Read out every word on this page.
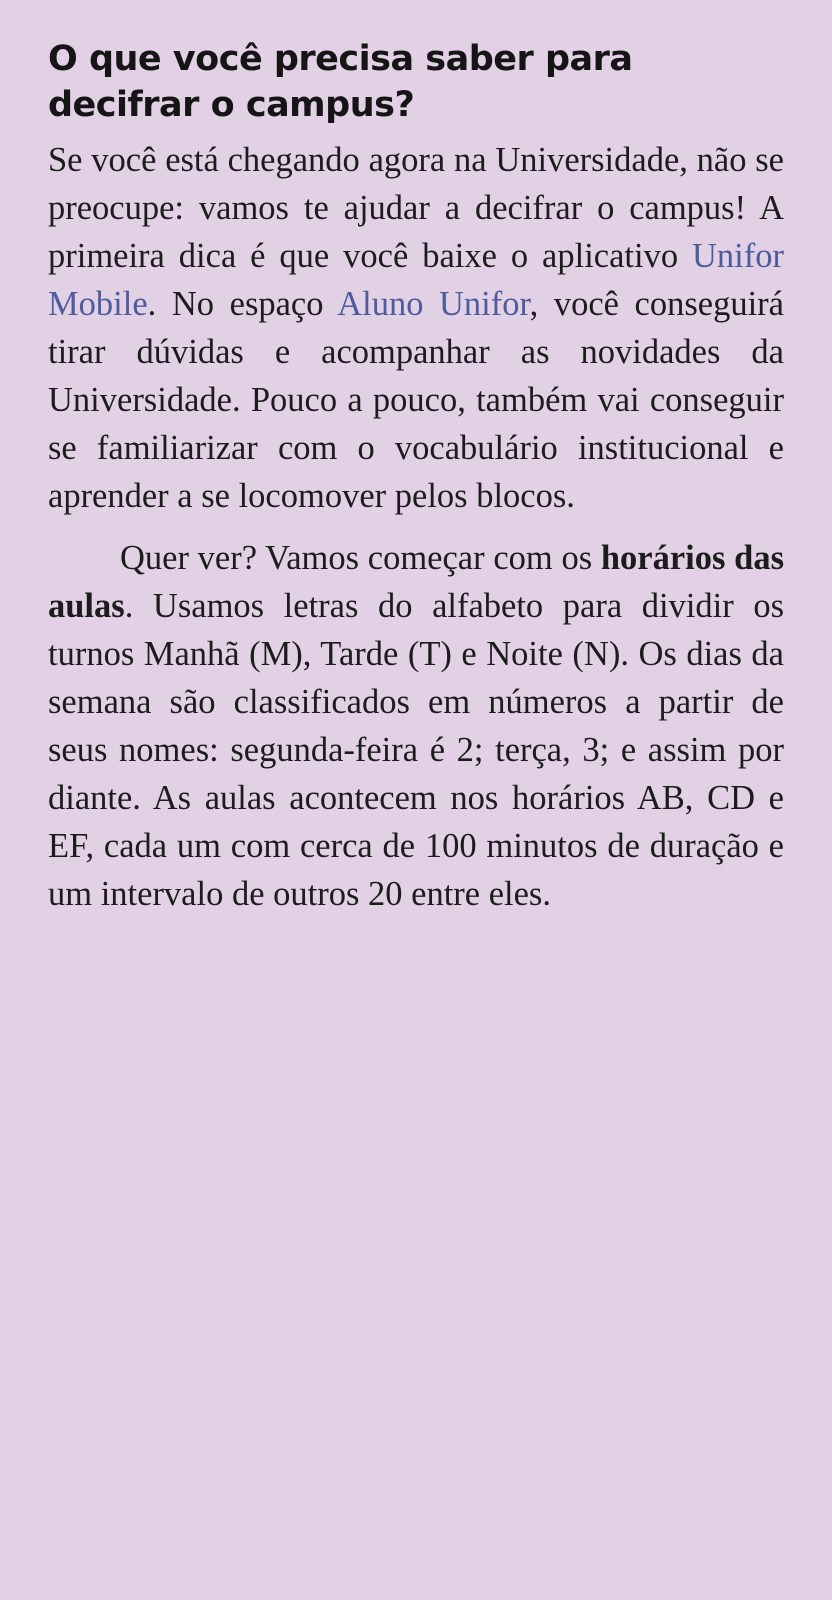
O que você precisa saber para decifrar o campus?

Se você está chegando agora na Universidade, não se preocupe: vamos te ajudar a decifrar o campus! A primeira dica é que você baixe o aplicativo Unifor Mobile. No espaço Aluno Unifor, você conseguirá tirar dúvidas e acompanhar as novidades da Universidade. Pouco a pouco, também vai conseguir se familiarizar com o vocabulário institucional e aprender a se locomover pelos blocos.

Quer ver? Vamos começar com os horários das aulas. Usamos letras do alfabeto para dividir os turnos Manhã (M), Tarde (T) e Noite (N). Os dias da semana são classificados em números a partir de seus nomes: segunda-feira é 2; terça, 3; e assim por diante. As aulas acontecem nos horários AB, CD e EF, cada um com cerca de 100 minutos de duração e um intervalo de outros 20 entre eles.
